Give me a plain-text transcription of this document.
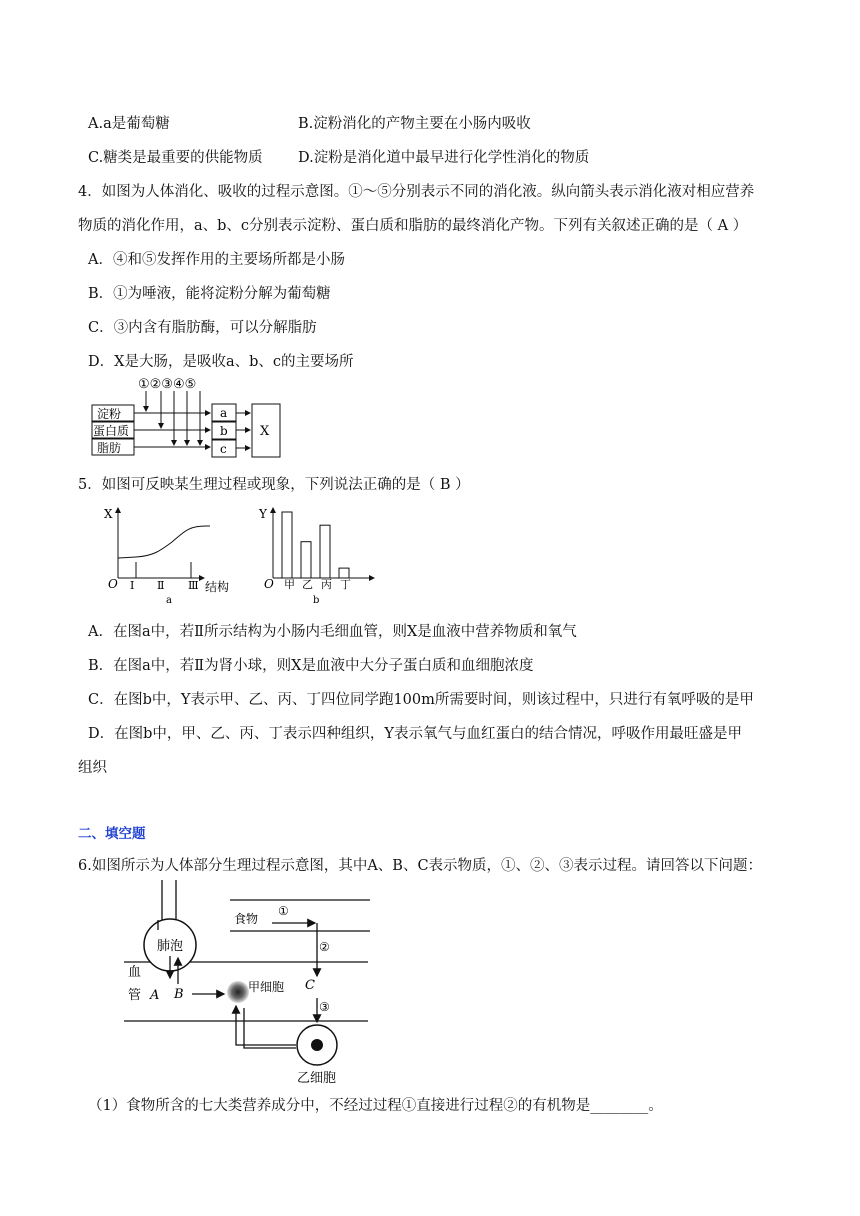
A.a是葡萄糖	B.淀粉消化的产物主要在小肠内吸收
C.糖类是最重要的供能物质 D.淀粉是消化道中最早进行化学性消化的物质
4．如图为人体消化、吸收的过程示意图。①～⑤分别表示不同的消化液。纵向箭头表示消化液对相应营养
物质的消化作用，a、b、c分别表示淀粉、蛋白质和脂肪的最终消化产物。下列有关叙述正确的是（ A ）
A．④和⑤发挥作用的主要场所都是小肠
B．①为唾液，能将淀粉分解为葡萄糖
C．③内含有脂肪酶，可以分解脂肪
D．X是大肠，是吸收a、b、c的主要场所
①②③④⑤
淀粉
蛋白质
脂肪
a
b
c
X
5．如图可反映某生理过程或现象，下列说法正确的是（ B ）
X
O Ⅰ Ⅱ Ⅲ 结构
a
Y
O 甲 乙 丙 丁
b
A．在图a中，若Ⅱ所示结构为小肠内毛细血管，则X是血液中营养物质和氧气
B．在图a中，若Ⅱ为肾小球，则X是血液中大分子蛋白质和血细胞浓度
C．在图b中，Y表示甲、乙、丙、丁四位同学跑100m所需要时间，则该过程中，只进行有氧呼吸的是甲
D．在图b中，甲、乙、丙、丁表示四种组织，Y表示氧气与血红蛋白的结合情况，呼吸作用最旺盛是甲
组织
二、填空题
6.如图所示为人体部分生理过程示意图，其中A、B、C表示物质，①、②、③表示过程。请回答以下问题：
肺泡
血
管 A B	甲细胞
食物
①
②
C
③
乙细胞
（1）食物所含的七大类营养成分中，不经过过程①直接进行过程②的有机物是________。
